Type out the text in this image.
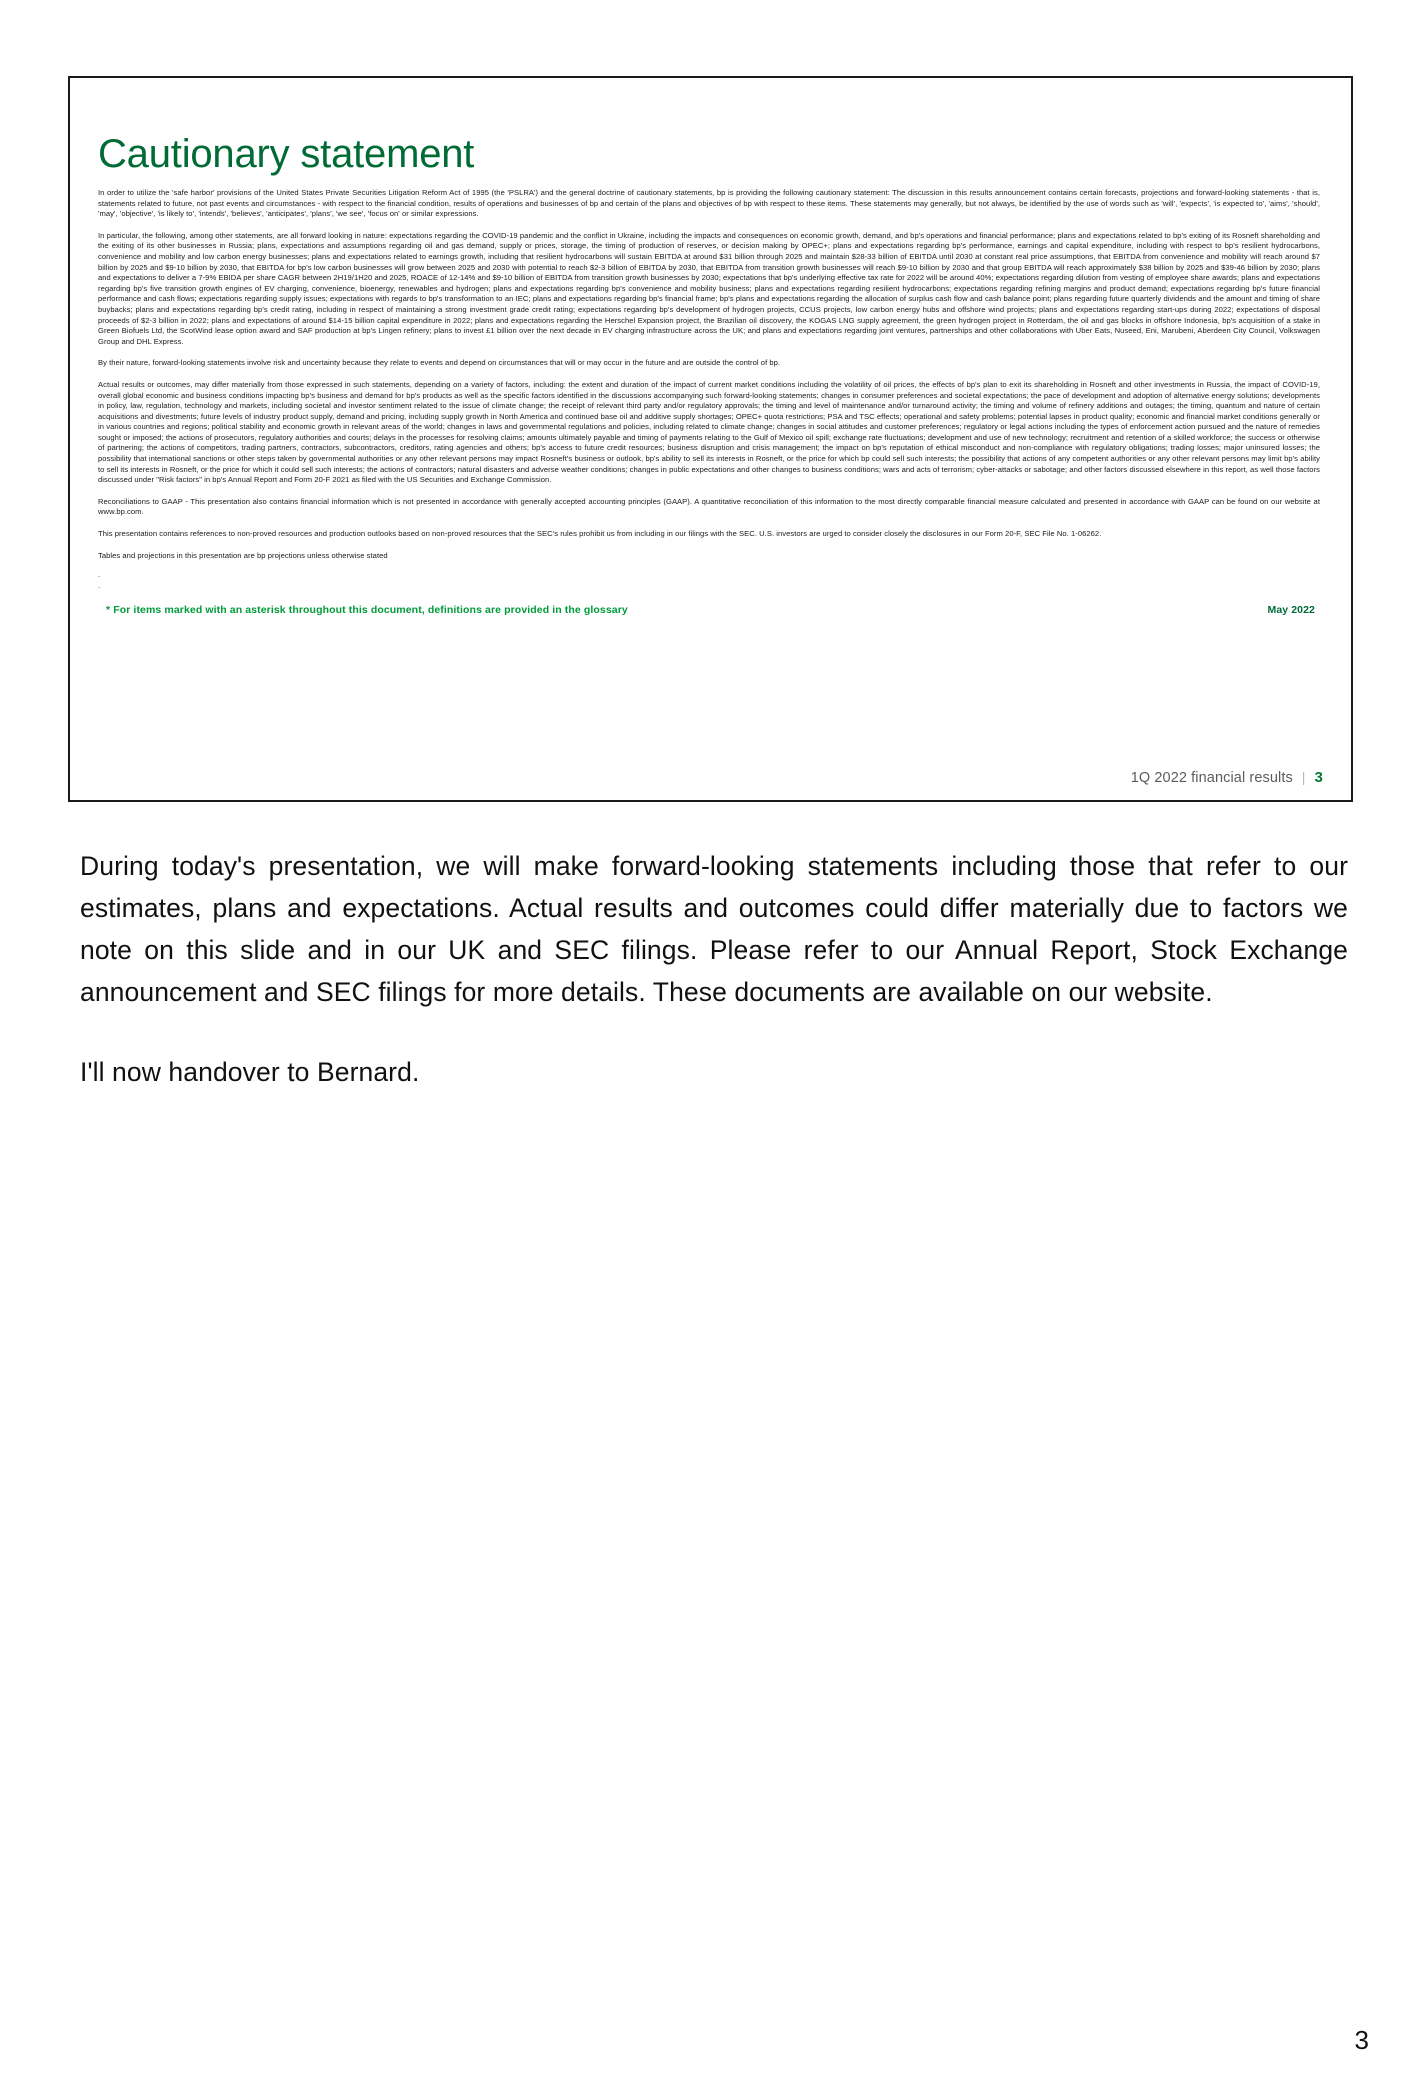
Cautionary statement

In order to utilize the 'safe harbor' provisions of the United States Private Securities Litigation Reform Act of 1995 (the 'PSLRA') and the general doctrine of cautionary statements, bp is providing the following cautionary statement: The discussion in this results announcement contains certain forecasts, projections and forward-looking statements - that is, statements related to future, not past events and circumstances - with respect to the financial condition, results of operations and businesses of bp and certain of the plans and objectives of bp with respect to these items. These statements may generally, but not always, be identified by the use of words such as 'will', 'expects', 'is expected to', 'aims', 'should', 'may', 'objective', 'is likely to', 'intends', 'believes', 'anticipates', 'plans', 'we see', 'focus on' or similar expressions.

In particular, the following, among other statements, are all forward looking in nature: expectations regarding the COVID-19 pandemic and the conflict in Ukraine, including the impacts and consequences on economic growth, demand, and bp's operations and financial performance; plans and expectations related to bp's exiting of its Rosneft shareholding and the exiting of its other businesses in Russia; plans, expectations and assumptions regarding oil and gas demand, supply or prices, storage, the timing of production of reserves, or decision making by OPEC+; plans and expectations regarding bp's performance, earnings and capital expenditure, including with respect to bp's resilient hydrocarbons, convenience and mobility and low carbon energy businesses; plans and expectations related to earnings growth, including that resilient hydrocarbons will sustain EBITDA at around $31 billion through 2025 and maintain $28-33 billion of EBITDA until 2030 at constant real price assumptions, that EBITDA from convenience and mobility will reach around $7 billion by 2025 and $9-10 billion by 2030, that EBITDA for bp's low carbon businesses will grow between 2025 and 2030 with potential to reach $2-3 billion of EBITDA by 2030, that EBITDA from transition growth businesses will reach $9-10 billion by 2030 and that group EBITDA will reach approximately $38 billion by 2025 and $39-46 billion by 2030; plans and expectations to deliver a 7-9% EBIDA per share CAGR between 2H19/1H20 and 2025, ROACE of 12-14% and $9-10 billion of EBITDA from transition growth businesses by 2030; expectations that bp's underlying effective tax rate for 2022 will be around 40%; expectations regarding dilution from vesting of employee share awards; plans and expectations regarding bp's five transition growth engines of EV charging, convenience, bioenergy, renewables and hydrogen; plans and expectations regarding bp's convenience and mobility business; plans and expectations regarding resilient hydrocarbons; expectations regarding refining margins and product demand; expectations regarding bp's future financial performance and cash flows; expectations regarding supply issues; expectations with regards to bp's transformation to an IEC; plans and expectations regarding bp's financial frame; bp's plans and expectations regarding the allocation of surplus cash flow and cash balance point; plans regarding future quarterly dividends and the amount and timing of share buybacks; plans and expectations regarding bp's credit rating, including in respect of maintaining a strong investment grade credit rating; expectations regarding bp's development of hydrogen projects, CCUS projects, low carbon energy hubs and offshore wind projects; plans and expectations regarding start-ups during 2022; expectations of disposal proceeds of $2-3 billion in 2022; plans and expectations of around $14-15 billion capital expenditure in 2022; plans and expectations regarding the Herschel Expansion project, the Brazilian oil discovery, the KOGAS LNG supply agreement, the green hydrogen project in Rotterdam, the oil and gas blocks in offshore Indonesia, bp's acquisition of a stake in Green Biofuels Ltd, the ScotWind lease option award and SAF production at bp's Lingen refinery; plans to invest £1 billion over the next decade in EV charging infrastructure across the UK; and plans and expectations regarding joint ventures, partnerships and other collaborations with Uber Eats, Nuseed, Eni, Marubeni, Aberdeen City Council, Volkswagen Group and DHL Express.

By their nature, forward-looking statements involve risk and uncertainty because they relate to events and depend on circumstances that will or may occur in the future and are outside the control of bp.

Actual results or outcomes, may differ materially from those expressed in such statements, depending on a variety of factors, including: the extent and duration of the impact of current market conditions including the volatility of oil prices, the effects of bp's plan to exit its shareholding in Rosneft and other investments in Russia, the impact of COVID-19, overall global economic and business conditions impacting bp's business and demand for bp's products as well as the specific factors identified in the discussions accompanying such forward-looking statements; changes in consumer preferences and societal expectations; the pace of development and adoption of alternative energy solutions; developments in policy, law, regulation, technology and markets, including societal and investor sentiment related to the issue of climate change; the receipt of relevant third party and/or regulatory approvals; the timing and level of maintenance and/or turnaround activity; the timing and volume of refinery additions and outages; the timing, quantum and nature of certain acquisitions and divestments; future levels of industry product supply, demand and pricing, including supply growth in North America and continued base oil and additive supply shortages; OPEC+ quota restrictions; PSA and TSC effects; operational and safety problems; potential lapses in product quality; economic and financial market conditions generally or in various countries and regions; political stability and economic growth in relevant areas of the world; changes in laws and governmental regulations and policies, including related to climate change; changes in social attitudes and customer preferences; regulatory or legal actions including the types of enforcement action pursued and the nature of remedies sought or imposed; the actions of prosecutors, regulatory authorities and courts; delays in the processes for resolving claims; amounts ultimately payable and timing of payments relating to the Gulf of Mexico oil spill; exchange rate fluctuations; development and use of new technology; recruitment and retention of a skilled workforce; the success or otherwise of partnering; the actions of competitors, trading partners, contractors, subcontractors, creditors, rating agencies and others; bp's access to future credit resources; business disruption and crisis management; the impact on bp's reputation of ethical misconduct and non-compliance with regulatory obligations; trading losses; major uninsured losses; the possibility that international sanctions or other steps taken by governmental authorities or any other relevant persons may impact Rosneft's business or outlook, bp's ability to sell its interests in Rosneft, or the price for which bp could sell such interests; the possibility that actions of any competent authorities or any other relevant persons may limit bp's ability to sell its interests in Rosneft, or the price for which it could sell such interests; the actions of contractors; natural disasters and adverse weather conditions; changes in public expectations and other changes to business conditions; wars and acts of terrorism; cyber-attacks or sabotage; and other factors discussed elsewhere in this report, as well those factors discussed under "Risk factors" in bp's Annual Report and Form 20-F 2021 as filed with the US Securities and Exchange Commission.

Reconciliations to GAAP - This presentation also contains financial information which is not presented in accordance with generally accepted accounting principles (GAAP). A quantitative reconciliation of this information to the most directly comparable financial measure calculated and presented in accordance with GAAP can be found on our website at www.bp.com.

This presentation contains references to non-proved resources and production outlooks based on non-proved resources that the SEC's rules prohibit us from including in our filings with the SEC. U.S. investors are urged to consider closely the disclosures in our Form 20-F, SEC File No. 1-06262.

Tables and projections in this presentation are bp projections unless otherwise stated

.

.

* For items marked with an asterisk throughout this document, definitions are provided in the glossary	May 2022
1Q 2022 financial results | 3

During today's presentation, we will make forward-looking statements including those that refer to our estimates, plans and expectations. Actual results and outcomes could differ materially due to factors we note on this slide and in our UK and SEC filings. Please refer to our Annual Report, Stock Exchange announcement and SEC filings for more details. These documents are available on our website.

I'll now handover to Bernard.

3
